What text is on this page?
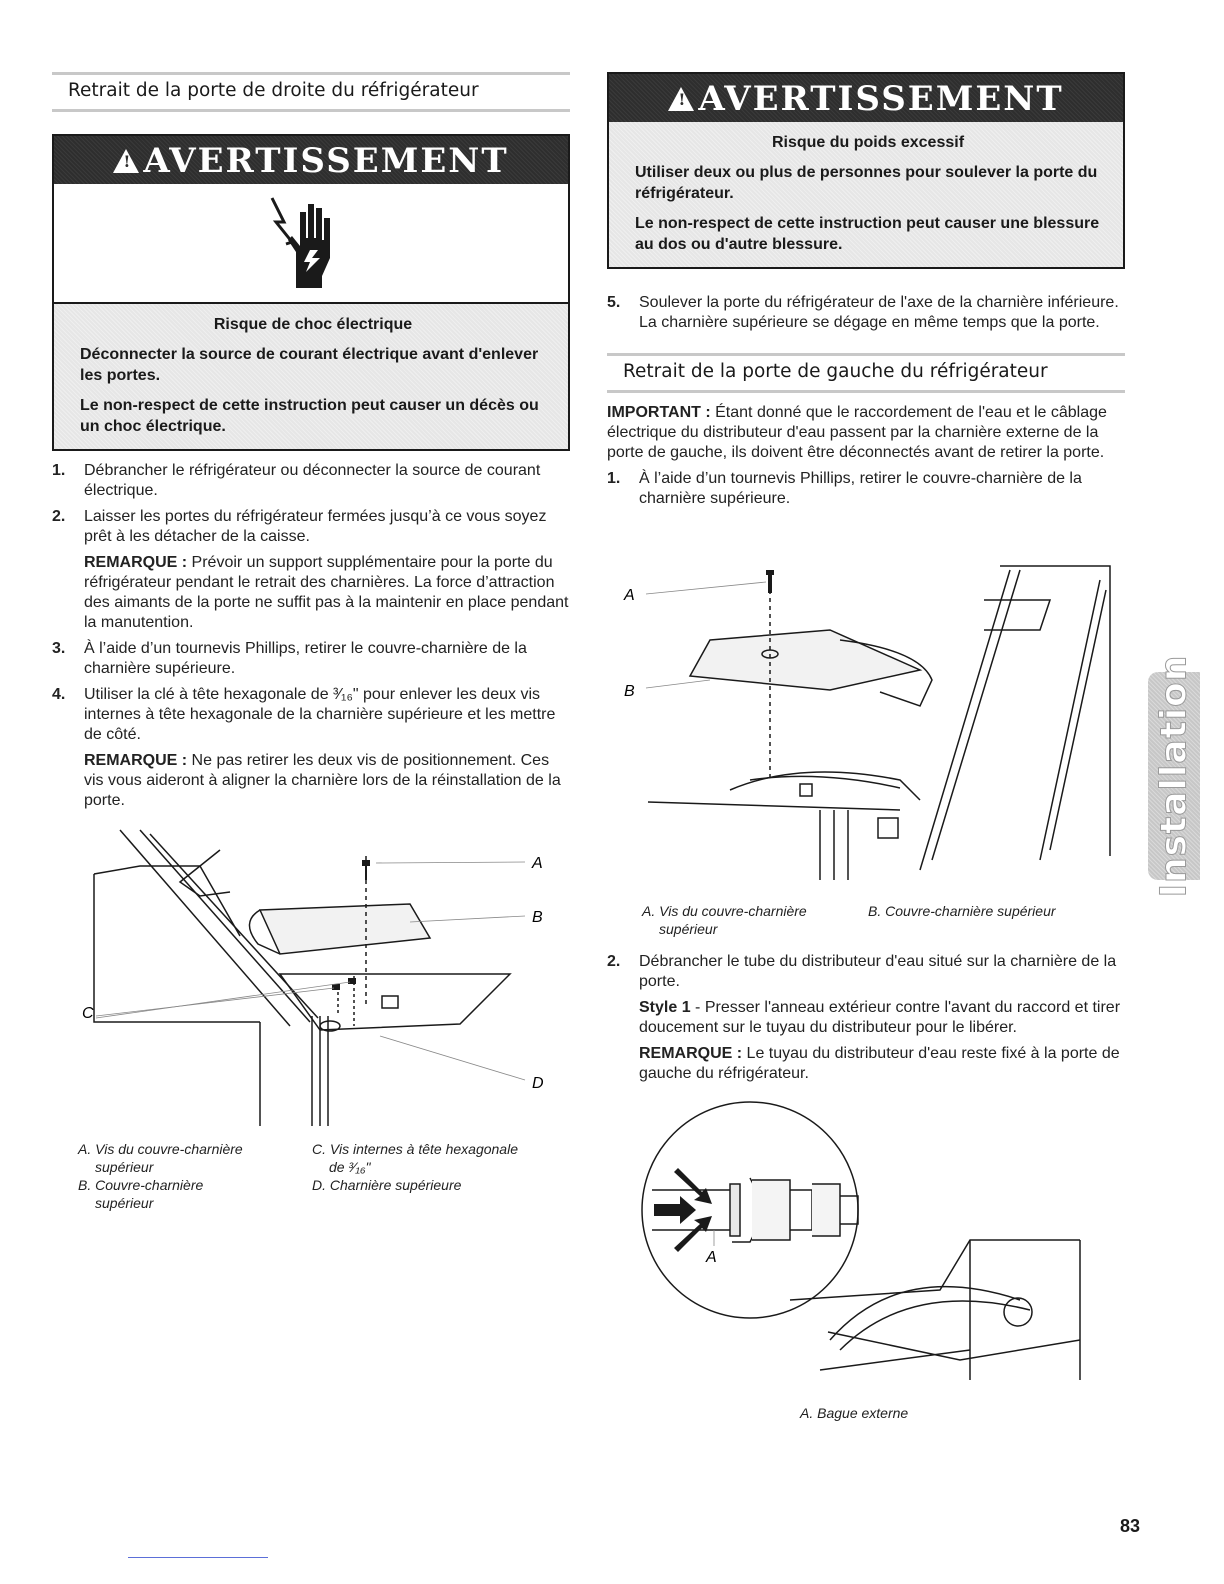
Retrait de la porte de droite du réfrigérateur
!AVERTISSEMENT
Risque de choc électrique

Déconnecter la source de courant électrique avant d'enlever les portes.

Le non-respect de cette instruction peut causer un décès ou un choc électrique.

1. Débrancher le réfrigérateur ou déconnecter la source de courant électrique.
2. Laisser les portes du réfrigérateur fermées jusqu’à ce vous soyez prêt à les détacher de la caisse.
REMARQUE : Prévoir un support supplémentaire pour la porte du réfrigérateur pendant le retrait des charnières. La force d’attraction des aimants de la porte ne suffit pas à la maintenir en place pendant la manutention.
3. À l’aide d’un tournevis Phillips, retirer le couvre-charnière de la charnière supérieure.
4. Utiliser la clé à tête hexagonale de ³⁄₁₆" pour enlever les deux vis internes à tête hexagonale de la charnière supérieure et les mettre de côté.
REMARQUE : Ne pas retirer les deux vis de positionnement. Ces vis vous aideront à aligner la charnière lors de la réinstallation de la porte.
A
B
C
D
A. Vis du couvre-charnière
supérieur
B. Couvre-charnière
supérieur
C. Vis internes à tête hexagonale
de ³⁄₁₆"
D. Charnière supérieure
!AVERTISSEMENT
Risque du poids excessif

Utiliser deux ou plus de personnes pour soulever la porte du réfrigérateur.

Le non-respect de cette instruction peut causer une blessure au dos ou d'autre blessure.

5. Soulever la porte du réfrigérateur de l'axe de la charnière inférieure. La charnière supérieure se dégage en même temps que la porte.
Retrait de la porte de gauche du réfrigérateur
IMPORTANT : Étant donné que le raccordement de l'eau et le câblage électrique du distributeur d'eau passent par la charnière externe de la porte de gauche, ils doivent être déconnectés avant de retirer la porte.
1. À l’aide d’un tournevis Phillips, retirer le couvre-charnière de la charnière supérieure.
A
B
A. Vis du couvre-charnière
supérieur
B. Couvre-charnière supérieur
2. Débrancher le tube du distributeur d'eau situé sur la charnière de la porte.
Style 1 - Presser l'anneau extérieur contre l'avant du raccord et tirer doucement sur le tuyau du distributeur pour le libérer.
REMARQUE : Le tuyau du distributeur d'eau reste fixé à la porte de gauche du réfrigérateur.
A
A. Bague externe
Installation
83
